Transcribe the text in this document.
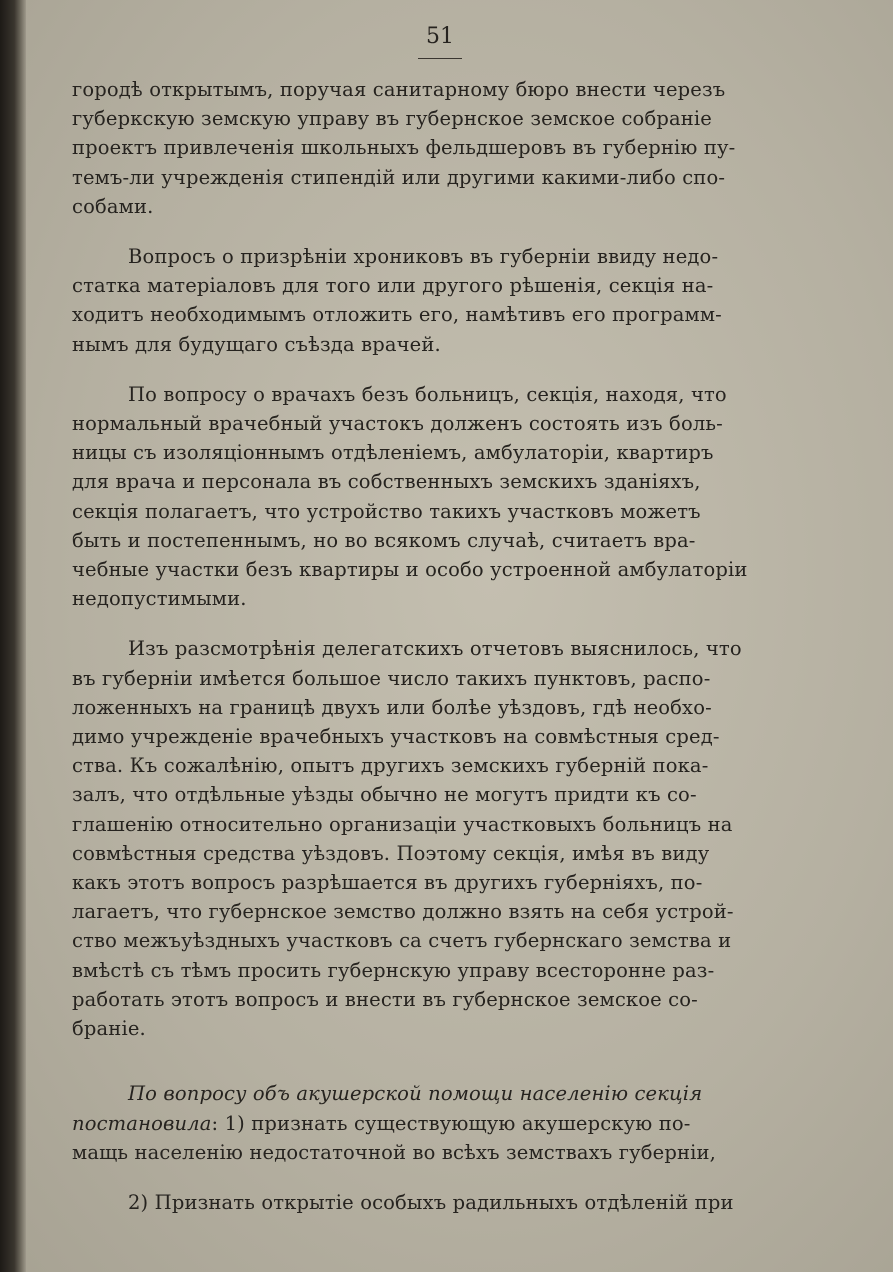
51

городѣ открытымъ, поручая санитарному бюро внести черезъ
губеркскую земскую управу въ губернское земское собраніе
проектъ привлеченія школьныхъ фельдшеровъ въ губернію пу-
темъ-ли учрежденія стипендій или другими какими-либо спо-
собами.

Вопросъ о призрѣніи хрониковъ въ губерніи ввиду недо-
статка матеріаловъ для того или другого рѣшенія, секція на-
ходитъ необходимымъ отложить его, намѣтивъ его программ-
нымъ для будущаго съѣзда врачей.

По вопросу о врачахъ безъ больницъ, секція, находя, что
нормальный врачебный участокъ долженъ состоять изъ боль-
ницы съ изоляціоннымъ отдѣленіемъ, амбулаторіи, квартиръ
для врача и персонала въ собственныхъ земскихъ зданіяхъ,
секція полагаетъ, что устройство такихъ участковъ можетъ
быть и постепеннымъ, но во всякомъ случаѣ, считаетъ вра-
чебные участки безъ квартиры и особо устроенной амбулаторіи
недопустимыми.

Изъ разсмотрѣнія делегатскихъ отчетовъ выяснилось, что
въ губерніи имѣется большое число такихъ пунктовъ, распо-
ложенныхъ на границѣ двухъ или болѣе уѣздовъ, гдѣ необхо-
димо учрежденіе врачебныхъ участковъ на совмѣстныя сред-
ства. Къ сожалѣнію, опытъ другихъ земскихъ губерній пока-
залъ, что отдѣльные уѣзды обычно не могутъ придти къ со-
глашенію относительно организаціи участковыхъ больницъ на
совмѣстныя средства уѣздовъ. Поэтому секція, имѣя въ виду
какъ этотъ вопросъ разрѣшается въ другихъ губерніяхъ, по-
лагаетъ, что губернское земство должно взять на себя устрой-
ство межъуѣздныхъ участковъ са счетъ губернскаго земства и
вмѣстѣ съ тѣмъ просить губернскую управу всесторонне раз-
работать этотъ вопросъ и внести въ губернское земское со-
браніе.

По вопросу объ акушерской помощи населенію секція
постановила: 1) признать существующую акушерскую по-
мащь населенію недостаточной во всѣхъ земствахъ губерніи,

2) Признать открытіе особыхъ радильныхъ отдѣленій при
